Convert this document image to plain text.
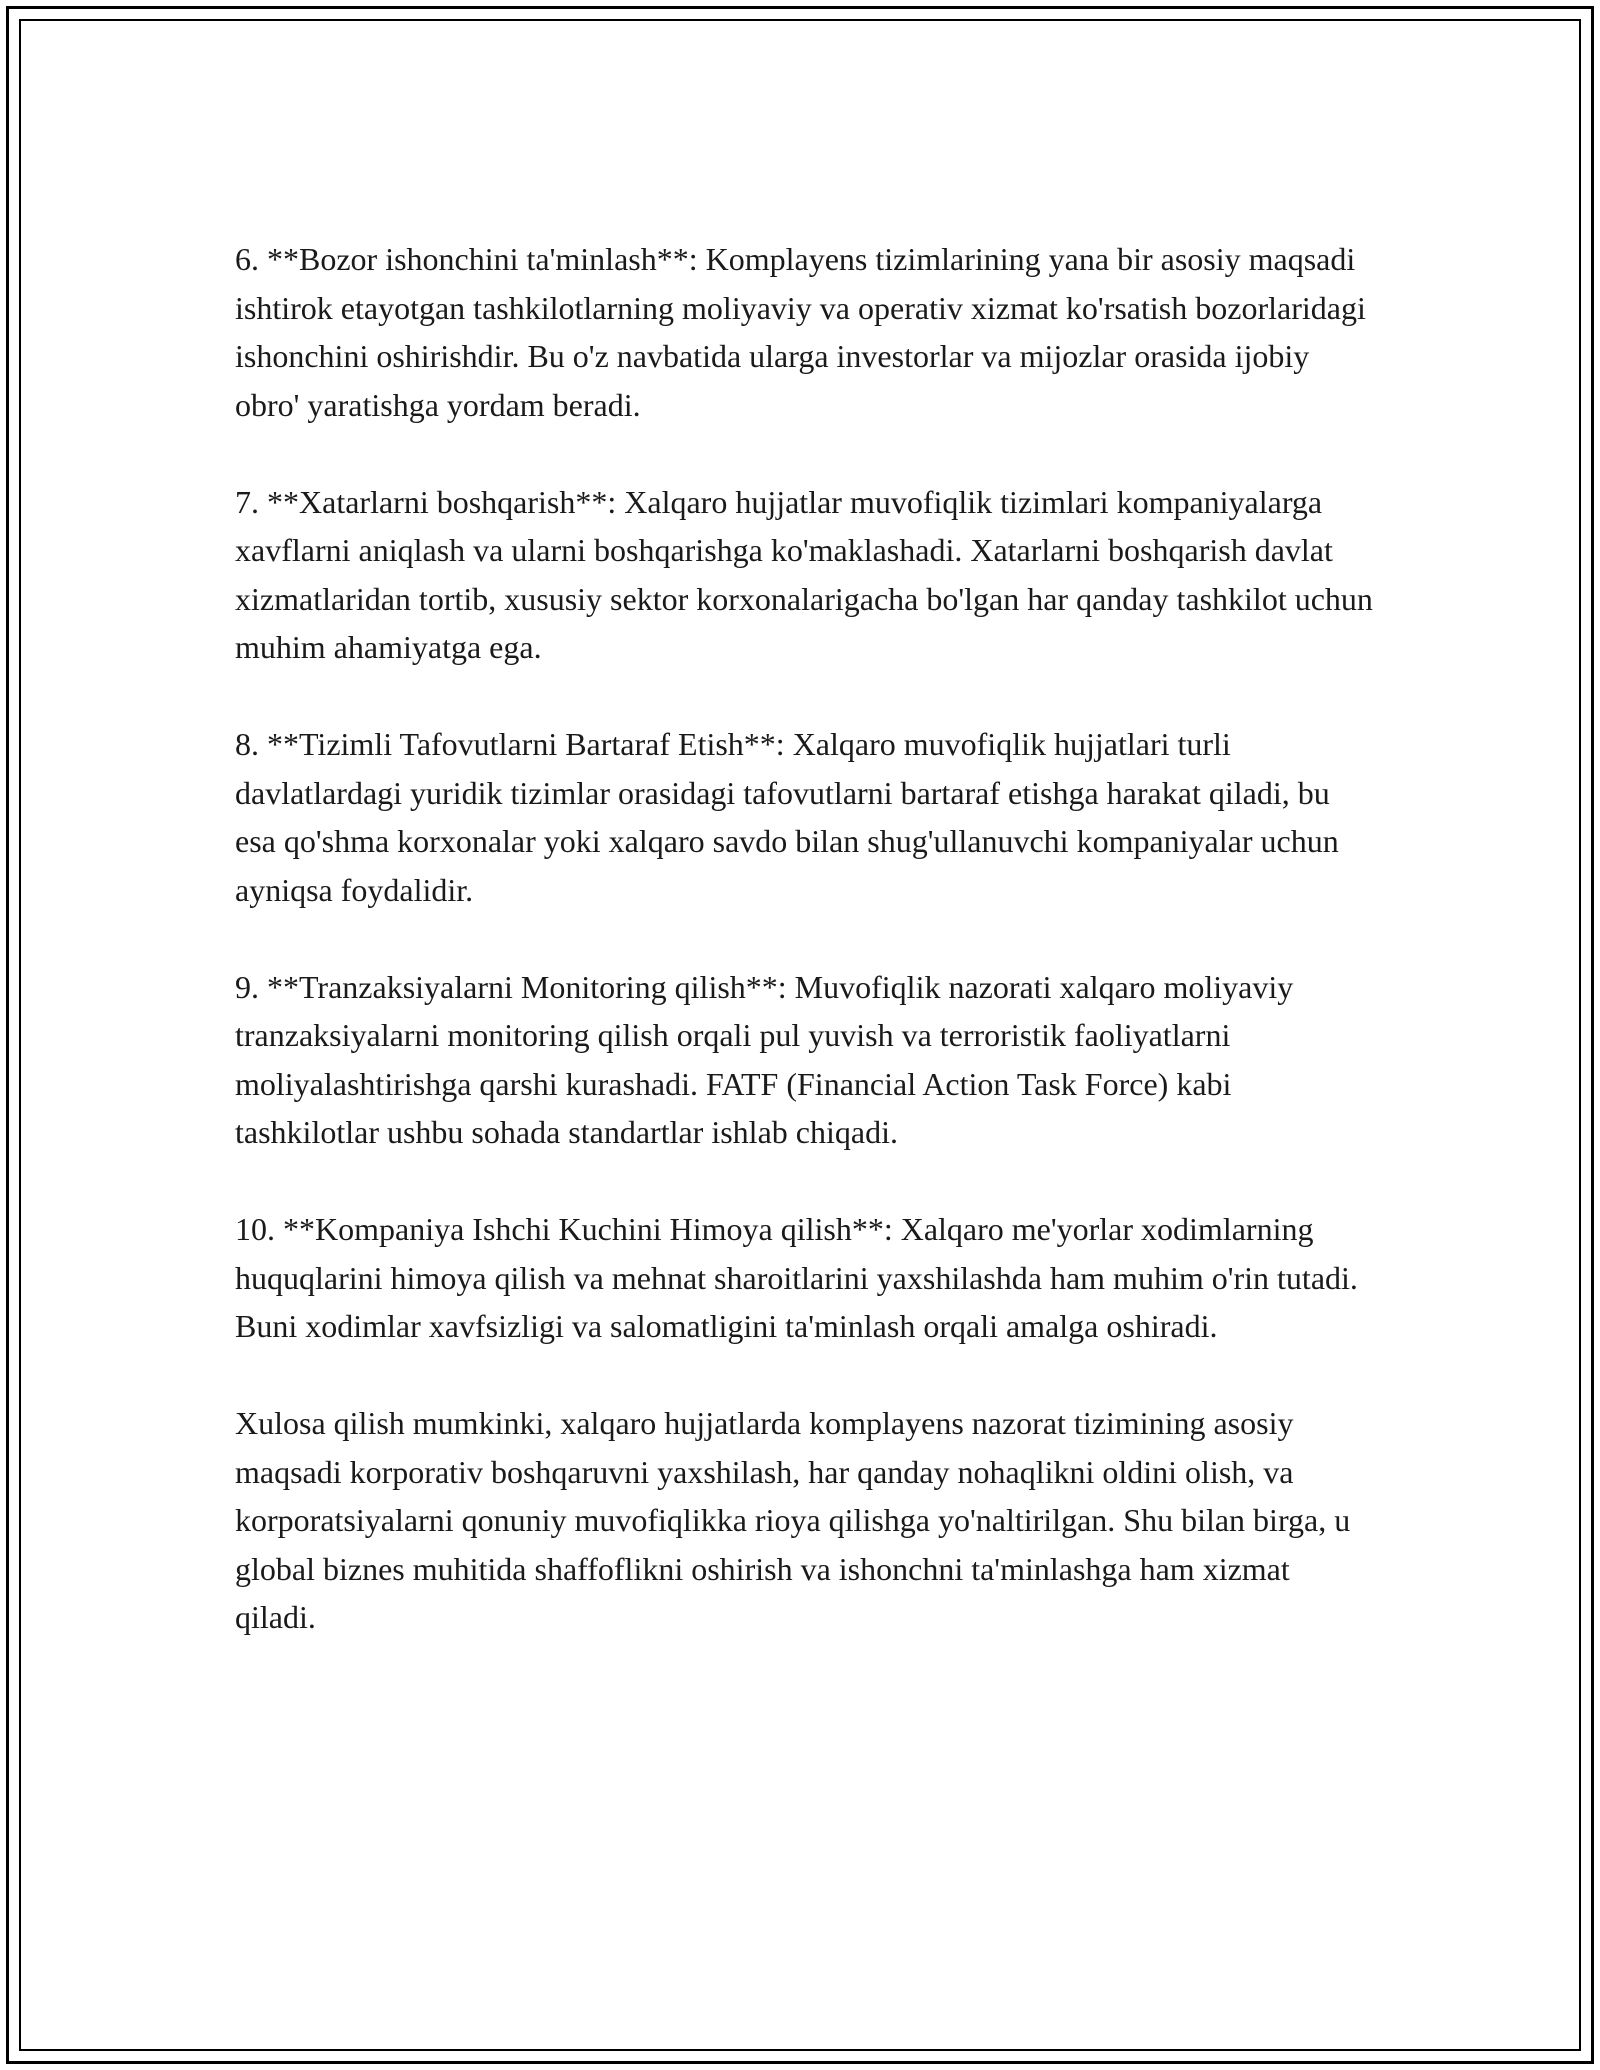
6. **Bozor ishonchini ta'minlash**: Komplayens tizimlarining yana bir asosiy maqsadi ishtirok etayotgan tashkilotlarning moliyaviy va operativ xizmat ko'rsatish bozorlaridagi ishonchini oshirishdir. Bu o'z navbatida ularga investorlar va mijozlar orasida ijobiy obro' yaratishga yordam beradi.

7. **Xatarlarni boshqarish**: Xalqaro hujjatlar muvofiqlik tizimlari kompaniyalarga xavflarni aniqlash va ularni boshqarishga ko'maklashadi. Xatarlarni boshqarish davlat xizmatlaridan tortib, xususiy sektor korxonalarigacha bo'lgan har qanday tashkilot uchun muhim ahamiyatga ega.

8. **Tizimli Tafovutlarni Bartaraf Etish**: Xalqaro muvofiqlik hujjatlari turli davlatlardagi yuridik tizimlar orasidagi tafovutlarni bartaraf etishga harakat qiladi, bu esa qo'shma korxonalar yoki xalqaro savdo bilan shug'ullanuvchi kompaniyalar uchun ayniqsa foydalidir.

9. **Tranzaksiyalarni Monitoring qilish**: Muvofiqlik nazorati xalqaro moliyaviy tranzaksiyalarni monitoring qilish orqali pul yuvish va terroristik faoliyatlarni moliyalashtirishga qarshi kurashadi. FATF (Financial Action Task Force) kabi tashkilotlar ushbu sohada standartlar ishlab chiqadi.

10. **Kompaniya Ishchi Kuchini Himoya qilish**: Xalqaro me'yorlar xodimlarning huquqlarini himoya qilish va mehnat sharoitlarini yaxshilashda ham muhim o'rin tutadi. Buni xodimlar xavfsizligi va salomatligini ta'minlash orqali amalga oshiradi.

Xulosa qilish mumkinki, xalqaro hujjatlarda komplayens nazorat tizimining asosiy maqsadi korporativ boshqaruvni yaxshilash, har qanday nohaqlikni oldini olish, va korporatsiyalarni qonuniy muvofiqlikka rioya qilishga yo'naltirilgan. Shu bilan birga, u global biznes muhitida shaffoflikni oshirish va ishonchni ta'minlashga ham xizmat qiladi.
